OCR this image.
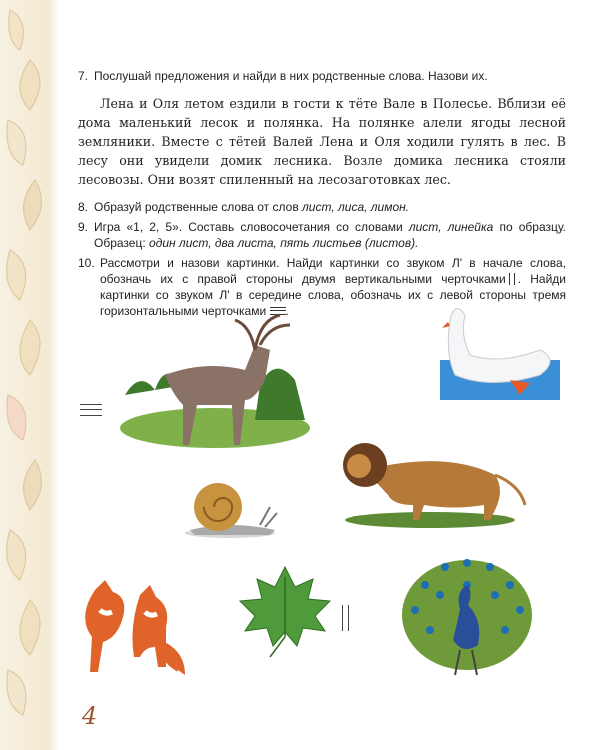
7. Послушай предложения и найди в них родственные слова. Назови их.
Лена и Оля летом ездили в гости к тёте Вале в Полесье. Вблизи её дома маленький лесок и полянка. На полянке алели ягоды лесной земляники. Вместе с тётей Валей Лена и Оля ходили гулять в лес. В лесу они увидели домик лесника. Возле домика лесника стояли лесовозы. Они возят спиленный на лесозаготовках лес.
8. Образуй родственные слова от слов лист, лиса, лимон.
9. Игра «1, 2, 5». Составь словосочетания со словами лист, линейка по образцу. Образец: один лист, два листа, пять листьев (листов).
10. Рассмотри и назови картинки. Найди картинки со звуком Л' в начале слова, обозначь их с правой стороны двумя вертикальными черточками . Найди картинки со звуком Л' в середине слова, обозначь их с левой стороны тремя горизонтальными черточками .
4
